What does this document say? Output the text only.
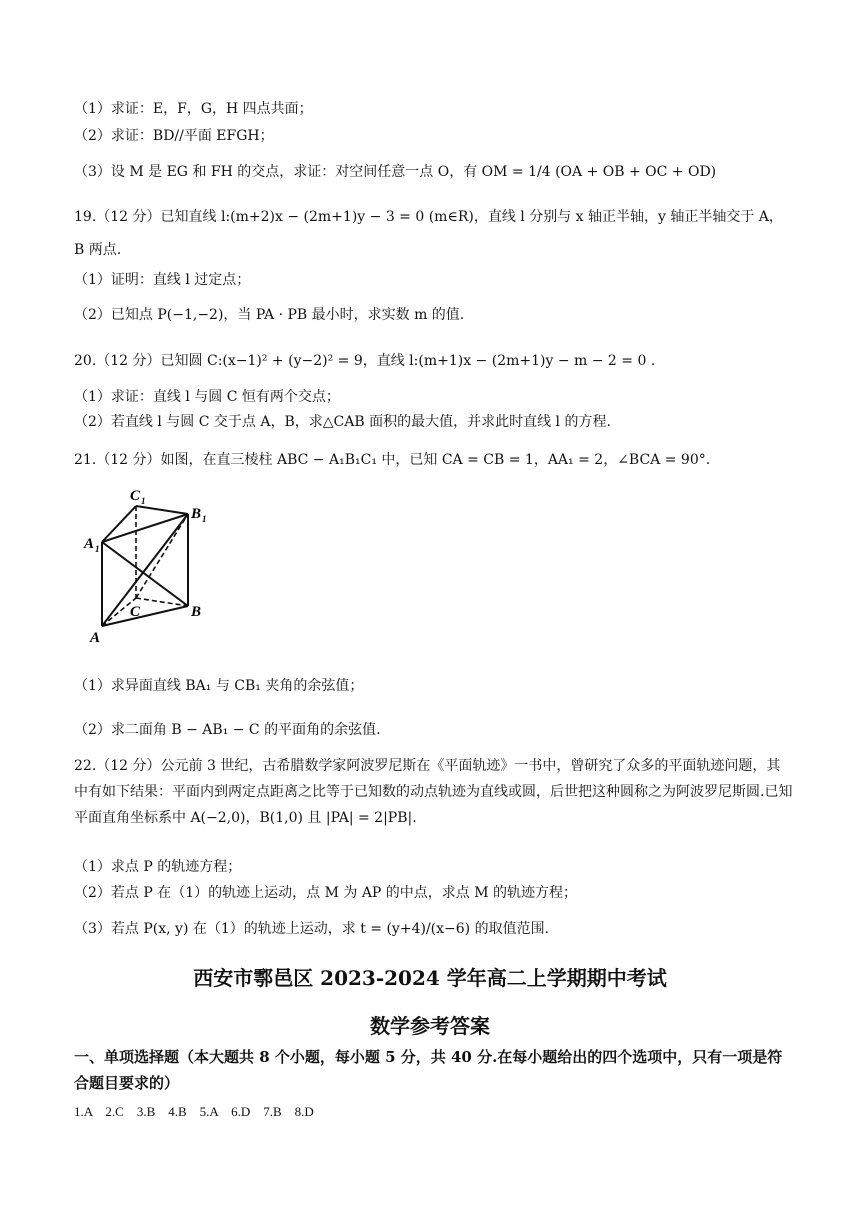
（1）求证：E，F，G，H 四点共面；
（2）求证：BD//平面 EFGH；
（3）设 M 是 EG 和 FH 的交点，求证：对空间任意一点 O，有 OM = 1/4 (OA + OB + OC + OD)
19.（12 分）已知直线 l:(m+2)x − (2m+1)y − 3 = 0 (m∈R)，直线 l 分别与 x 轴正半轴，y 轴正半轴交于 A，
B 两点.
（1）证明：直线 l 过定点；
（2）已知点 P(−1,−2)，当 PA · PB 最小时，求实数 m 的值.
20.（12 分）已知圆 C:(x−1)² + (y−2)² = 9，直线 l:(m+1)x − (2m+1)y − m − 2 = 0 .
（1）求证：直线 l 与圆 C 恒有两个交点；
（2）若直线 l 与圆 C 交于点 A，B，求△CAB 面积的最大值，并求此时直线 l 的方程.
21.（12 分）如图，在直三棱柱 ABC − A₁B₁C₁ 中，已知 CA = CB = 1，AA₁ = 2，∠BCA = 90°.
C 1
B 1
A 1
C	B
A
（1）求异面直线 BA₁ 与 CB₁ 夹角的余弦值；
（2）求二面角 B − AB₁ − C 的平面角的余弦值.
22.（12 分）公元前 3 世纪，古希腊数学家阿波罗尼斯在《平面轨迹》一书中，曾研究了众多的平面轨迹问题，其中有如下结果：平面内到两定点距离之比等于已知数的动点轨迹为直线或圆，后世把这种圆称之为阿波罗尼斯圆.已知平面直角坐标系中 A(−2,0)，B(1,0) 且 |PA| = 2|PB|.
（1）求点 P 的轨迹方程；
（2）若点 P 在（1）的轨迹上运动，点 M 为 AP 的中点，求点 M 的轨迹方程；
（3）若点 P(x, y) 在（1）的轨迹上运动，求 t = (y+4)/(x−6) 的取值范围.
西安市鄠邑区 2023-2024 学年高二上学期期中考试
数学参考答案
一、单项选择题（本大题共 8 个小题，每小题 5 分，共 40 分.在每小题给出的四个选项中，只有一项是符合题目要求的）
1.A　2.C　3.B　4.B　5.A　6.D　7.B　8.D
